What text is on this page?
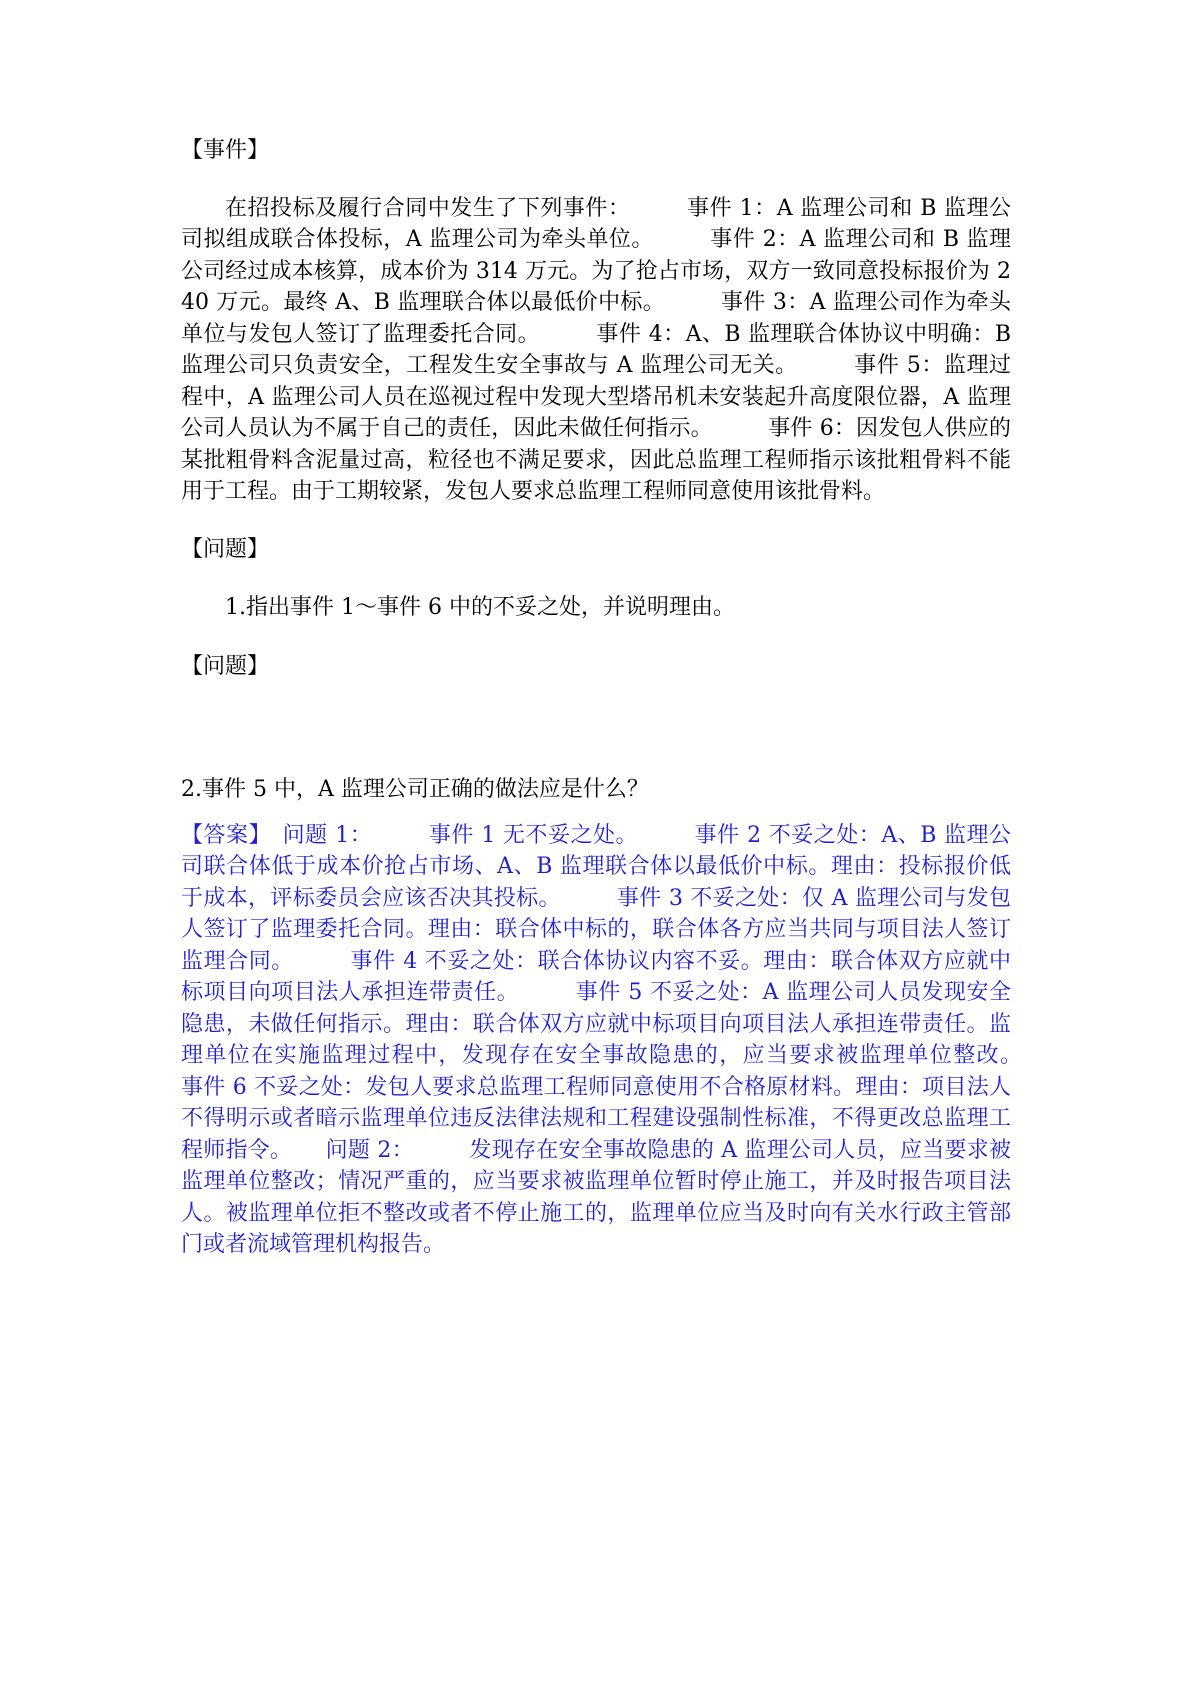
【事件】

在招投标及履行合同中发生了下列事件：　　　事件 1：A 监理公司和 B 监理公司拟组成联合体投标，A 监理公司为牵头单位。　　　事件 2：A 监理公司和 B 监理公司经过成本核算，成本价为 314 万元。为了抢占市场，双方一致同意投标报价为 240 万元。最终 A、B 监理联合体以最低价中标。　　　事件 3：A 监理公司作为牵头单位与发包人签订了监理委托合同。　　　事件 4：A、B 监理联合体协议中明确：B 监理公司只负责安全，工程发生安全事故与 A 监理公司无关。　　　事件 5：监理过程中，A 监理公司人员在巡视过程中发现大型塔吊机未安装起升高度限位器，A 监理公司人员认为不属于自己的责任，因此未做任何指示。　　　事件 6：因发包人供应的某批粗骨料含泥量过高，粒径也不满足要求，因此总监理工程师指示该批粗骨料不能用于工程。由于工期较紧，发包人要求总监理工程师同意使用该批骨料。

【问题】

1.指出事件 1～事件 6 中的不妥之处，并说明理由。

【问题】

2.事件 5 中，A 监理公司正确的做法应是什么？

【答案】　问题 1：　　　事件 1 无不妥之处。　　　事件 2 不妥之处：A、B 监理公司联合体低于成本价抢占市场、A、B 监理联合体以最低价中标。理由：投标报价低于成本，评标委员会应该否决其投标。　　　事件 3 不妥之处：仅 A 监理公司与发包人签订了监理委托合同。理由：联合体中标的，联合体各方应当共同与项目法人签订监理合同。　　　事件 4 不妥之处：联合体协议内容不妥。理由：联合体双方应就中标项目向项目法人承担连带责任。　　　事件 5 不妥之处：A 监理公司人员发现安全隐患，未做任何指示。理由：联合体双方应就中标项目向项目法人承担连带责任。监理单位在实施监理过程中，发现存在安全事故隐患的，应当要求被监理单位整改。　　　事件 6 不妥之处：发包人要求总监理工程师同意使用不合格原材料。理由：项目法人不得明示或者暗示监理单位违反法律法规和工程建设强制性标准，不得更改总监理工程师指令。　　问题 2：　　　发现存在安全事故隐患的 A 监理公司人员，应当要求被监理单位整改；情况严重的，应当要求被监理单位暂时停止施工，并及时报告项目法人。被监理单位拒不整改或者不停止施工的，监理单位应当及时向有关水行政主管部门或者流域管理机构报告。
